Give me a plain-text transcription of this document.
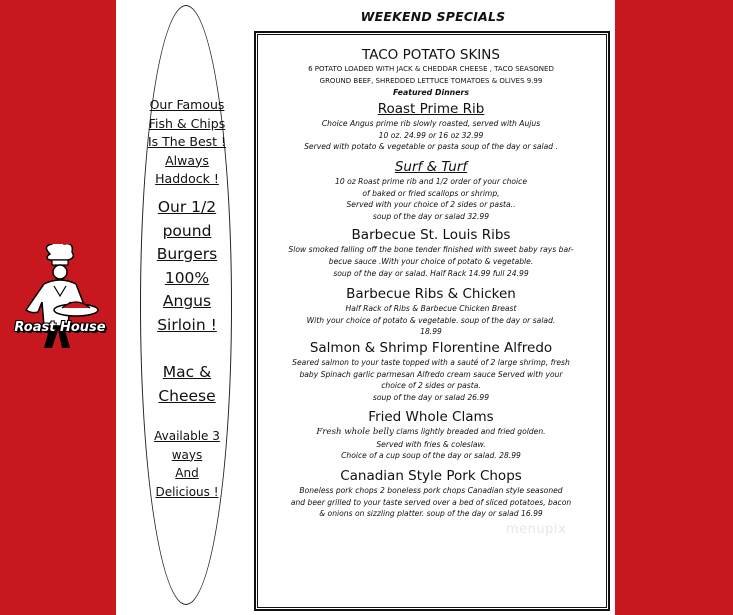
Our Famous
Fish & Chips
Is The Best !
Always
Haddock !
Our 1/2
pound
Burgers
100%
Angus
Sirloin !
Mac &
Cheese
Available 3
ways
And
Delicious !
Roast House
WEEKEND SPECIALS

TACO POTATO SKINS

6 POTATO LOADED WITH JACK & CHEDDAR CHEESE , TACO SEASONED

GROUND BEEF, SHREDDED LETTUCE TOMATOES & OLIVES 9.99

Featured Dinners

Roast Prime Rib

Choice Angus prime rib slowly roasted, served with Aujus

10 oz. 24.99 or 16 oz 32.99

Served with potato & vegetable or pasta soup of the day or salad .

Surf & Turf

10 oz Roast prime rib and 1/2 order of your choice

of baked or fried scallops or shrimp,

Served with your choice of 2 sides or pasta..

soup of the day or salad 32.99

Barbecue St. Louis Ribs

Slow smoked falling off the bone tender finished with sweet baby rays bar-

becue sauce .With your choice of potato & vegetable.

soup of the day or salad. Half Rack 14.99 full 24.99

Barbecue Ribs & Chicken

Half Rack of Ribs & Barbecue Chicken Breast

With your choice of potato & vegetable. soup of the day or salad.

18.99

Salmon & Shrimp Florentine Alfredo

Seared salmon to your taste topped with a sauté of 2 large shrimp, fresh

baby Spinach garlic parmesan Alfredo cream sauce Served with your

choice of 2 sides or pasta.

soup of the day or salad 26.99

Fried Whole Clams

Fresh whole belly clams lightly breaded and fried golden.

Served with fries & coleslaw.

Choice of a cup soup of the day or salad. 28.99

Canadian Style Pork Chops

Boneless pork chops 2 boneless pork chops Canadian style seasoned

and beer grilled to your taste served over a bed of sliced potatoes, bacon

& onions on sizzling platter. soup of the day or salad 16.99

menupix
